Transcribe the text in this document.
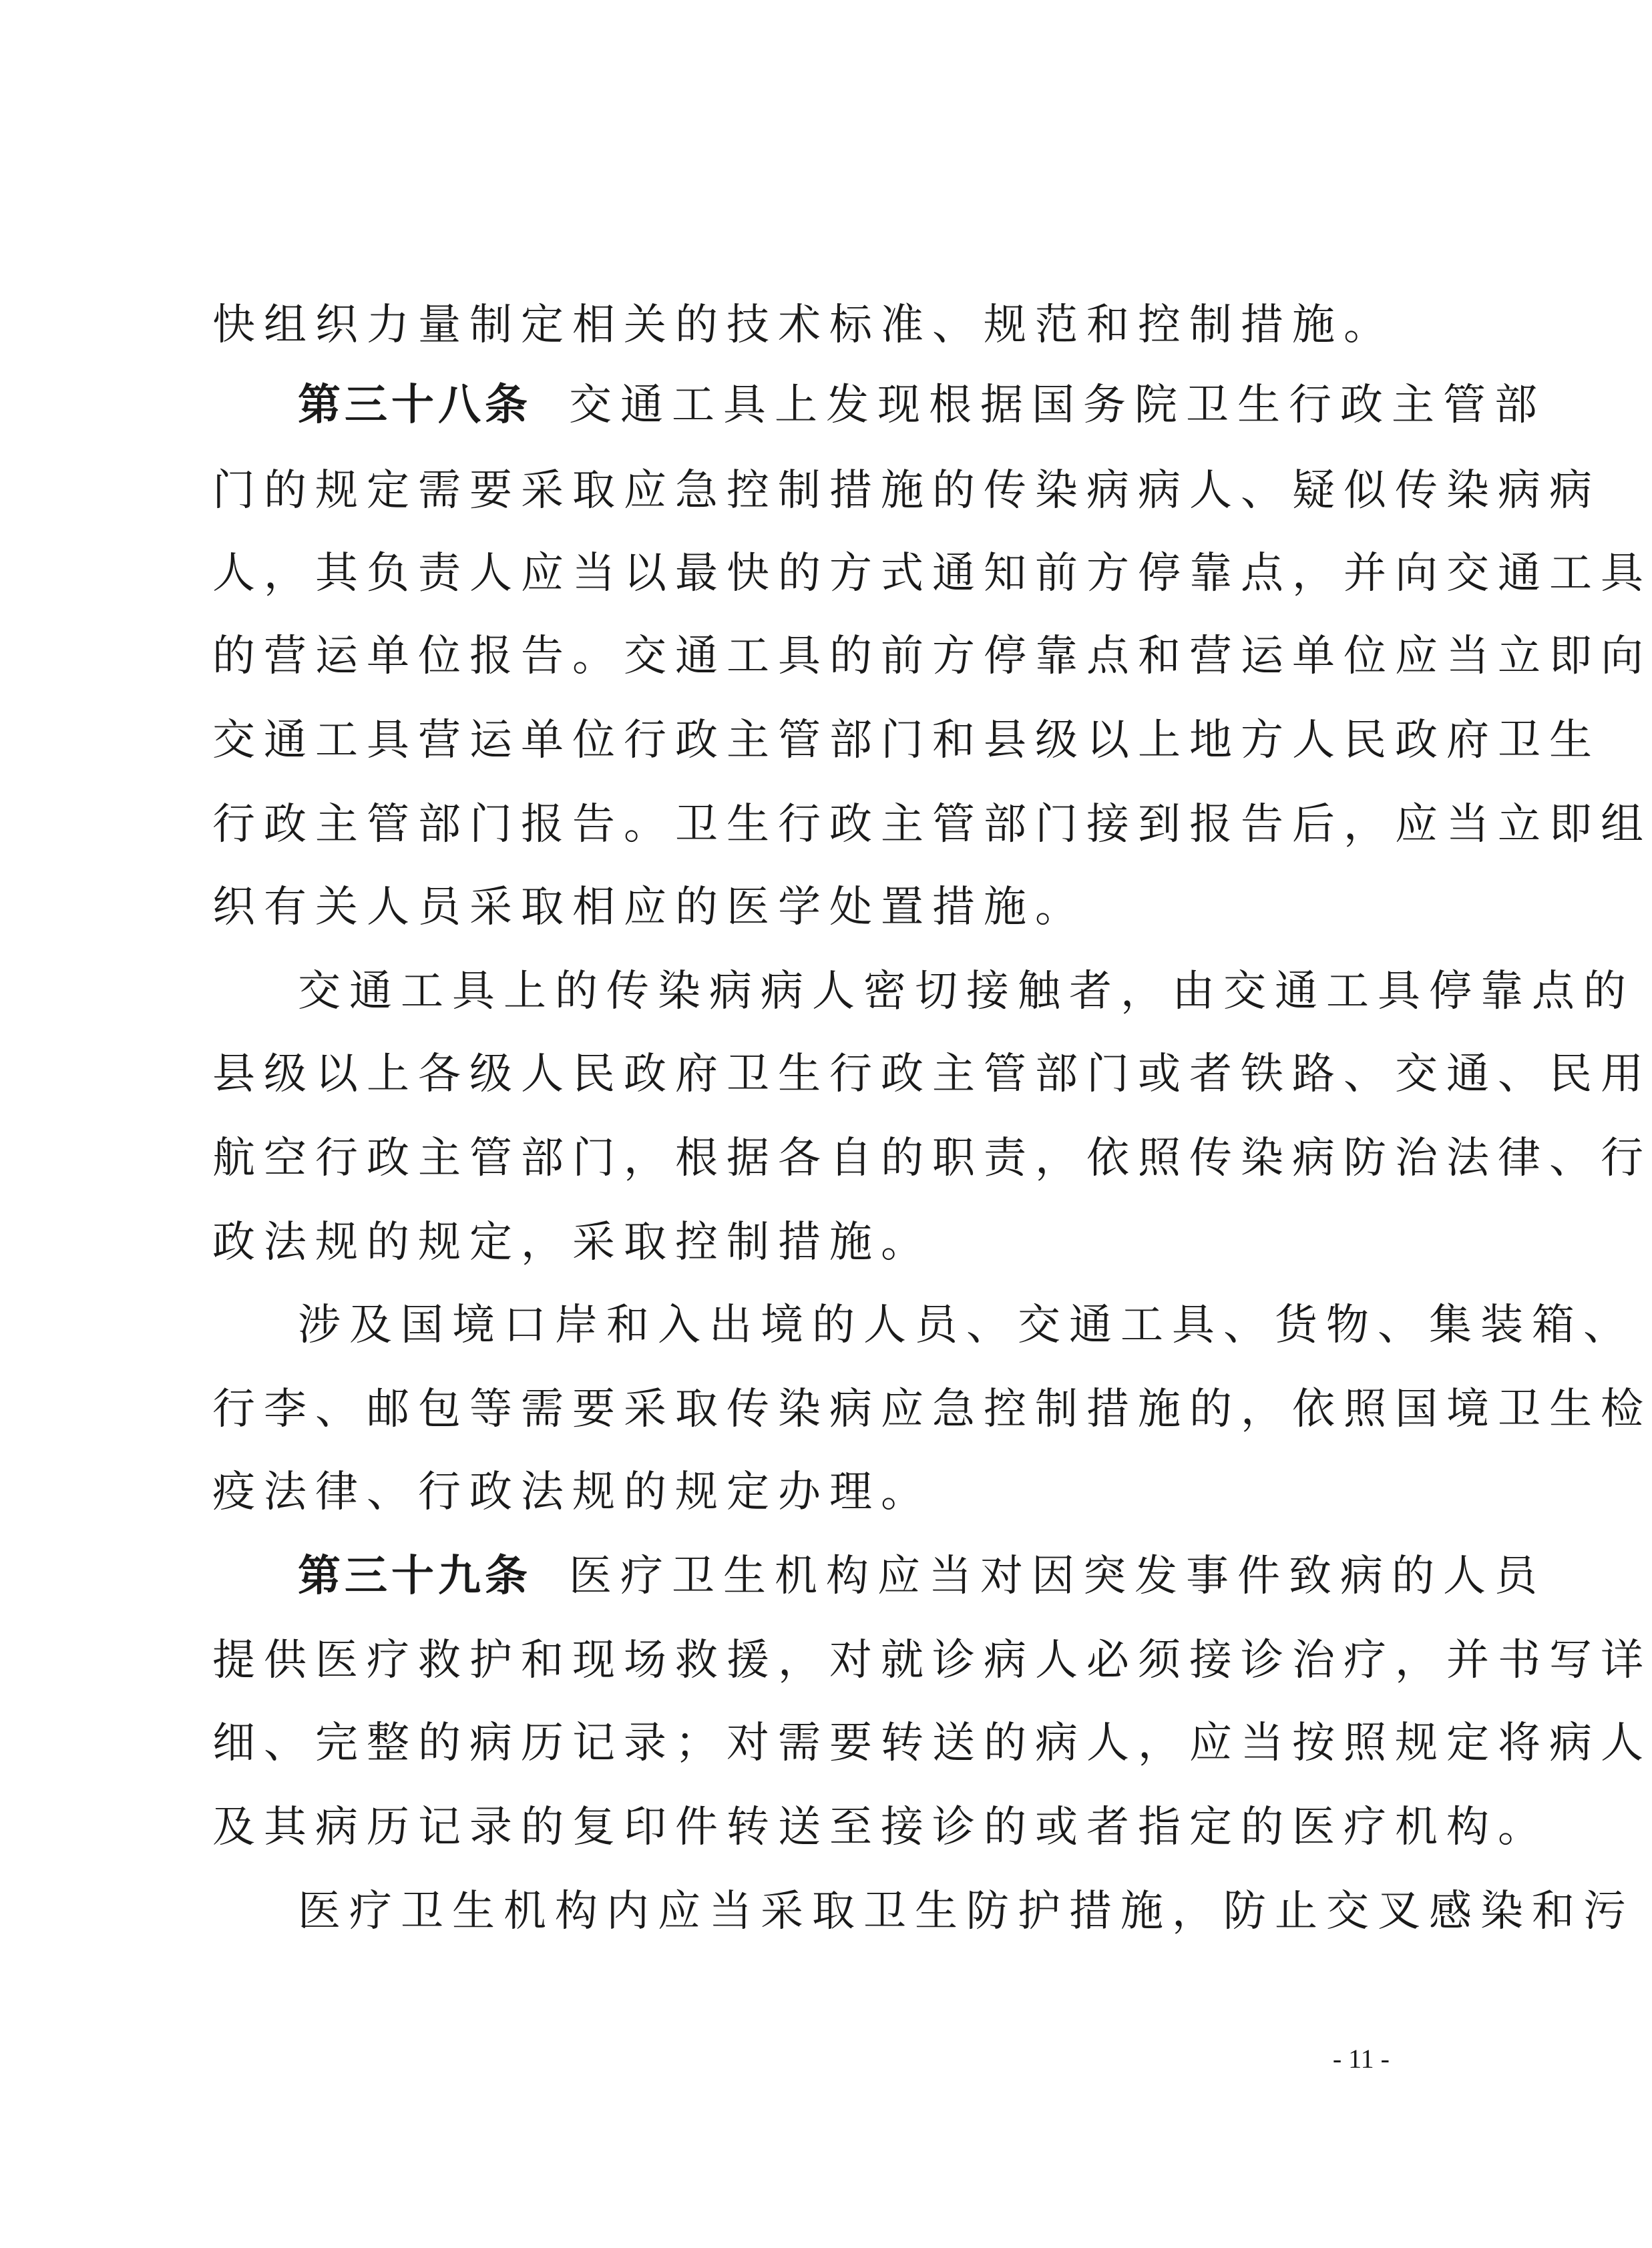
快组织力量制定相关的技术标准、规范和控制措施。
第三十八条 交通工具上发现根据国务院卫生行政主管部
门的规定需要采取应急控制措施的传染病病人、疑似传染病病
人，其负责人应当以最快的方式通知前方停靠点，并向交通工具
的营运单位报告。交通工具的前方停靠点和营运单位应当立即向
交通工具营运单位行政主管部门和县级以上地方人民政府卫生
行政主管部门报告。卫生行政主管部门接到报告后，应当立即组
织有关人员采取相应的医学处置措施。
交通工具上的传染病病人密切接触者，由交通工具停靠点的
县级以上各级人民政府卫生行政主管部门或者铁路、交通、民用
航空行政主管部门，根据各自的职责，依照传染病防治法律、行
政法规的规定，采取控制措施。
涉及国境口岸和入出境的人员、交通工具、货物、集装箱、
行李、邮包等需要采取传染病应急控制措施的，依照国境卫生检
疫法律、行政法规的规定办理。
第三十九条 医疗卫生机构应当对因突发事件致病的人员
提供医疗救护和现场救援，对就诊病人必须接诊治疗，并书写详
细、完整的病历记录；对需要转送的病人，应当按照规定将病人
及其病历记录的复印件转送至接诊的或者指定的医疗机构。
医疗卫生机构内应当采取卫生防护措施，防止交叉感染和污
- 11 -
